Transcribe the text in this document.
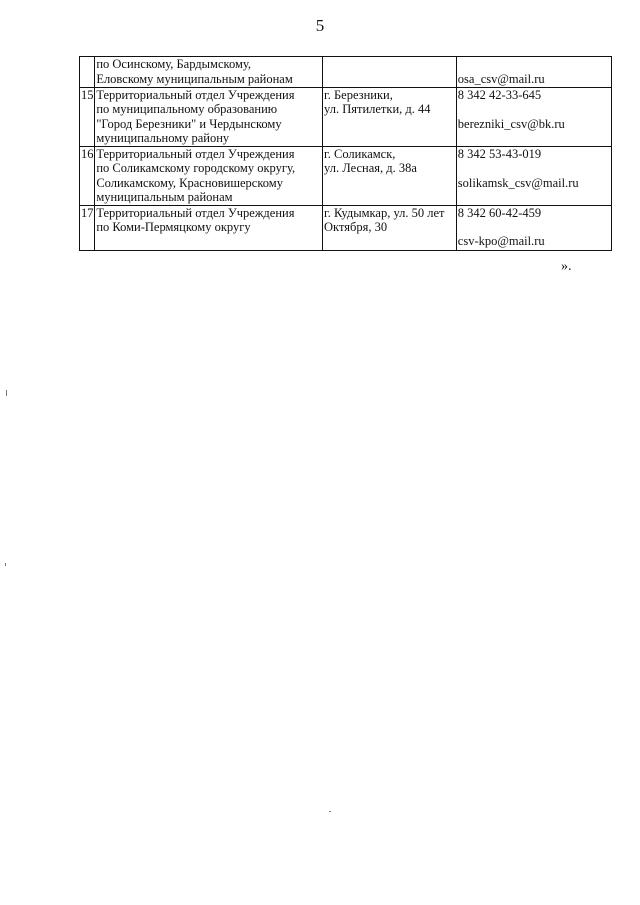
5

	по Осинскому, Бардымскому,
Еловскому муниципальным районам		osa_csv@mail.ru

15	Территориальный отдел Учреждения
по муниципальному образованию
"Город Березники" и Чердынскому
муниципальному району	г. Березники,
ул. Пятилетки, д. 44	8 342 42-33-645
berezniki_csv@bk.ru

16	Территориальный отдел Учреждения
по Соликамскому городскому округу,
Соликамскому, Красновишерскому
муниципальным районам	г. Соликамск,
ул. Лесная, д. 38а	8 342 53-43-019
solikamsk_csv@mail.ru

17	Территориальный отдел Учреждения
по Коми-Пермяцкому округу	г. Кудымкар, ул. 50 лет
Октября, 30	8 342 60-42-459
csv-kpo@mail.ru
».
